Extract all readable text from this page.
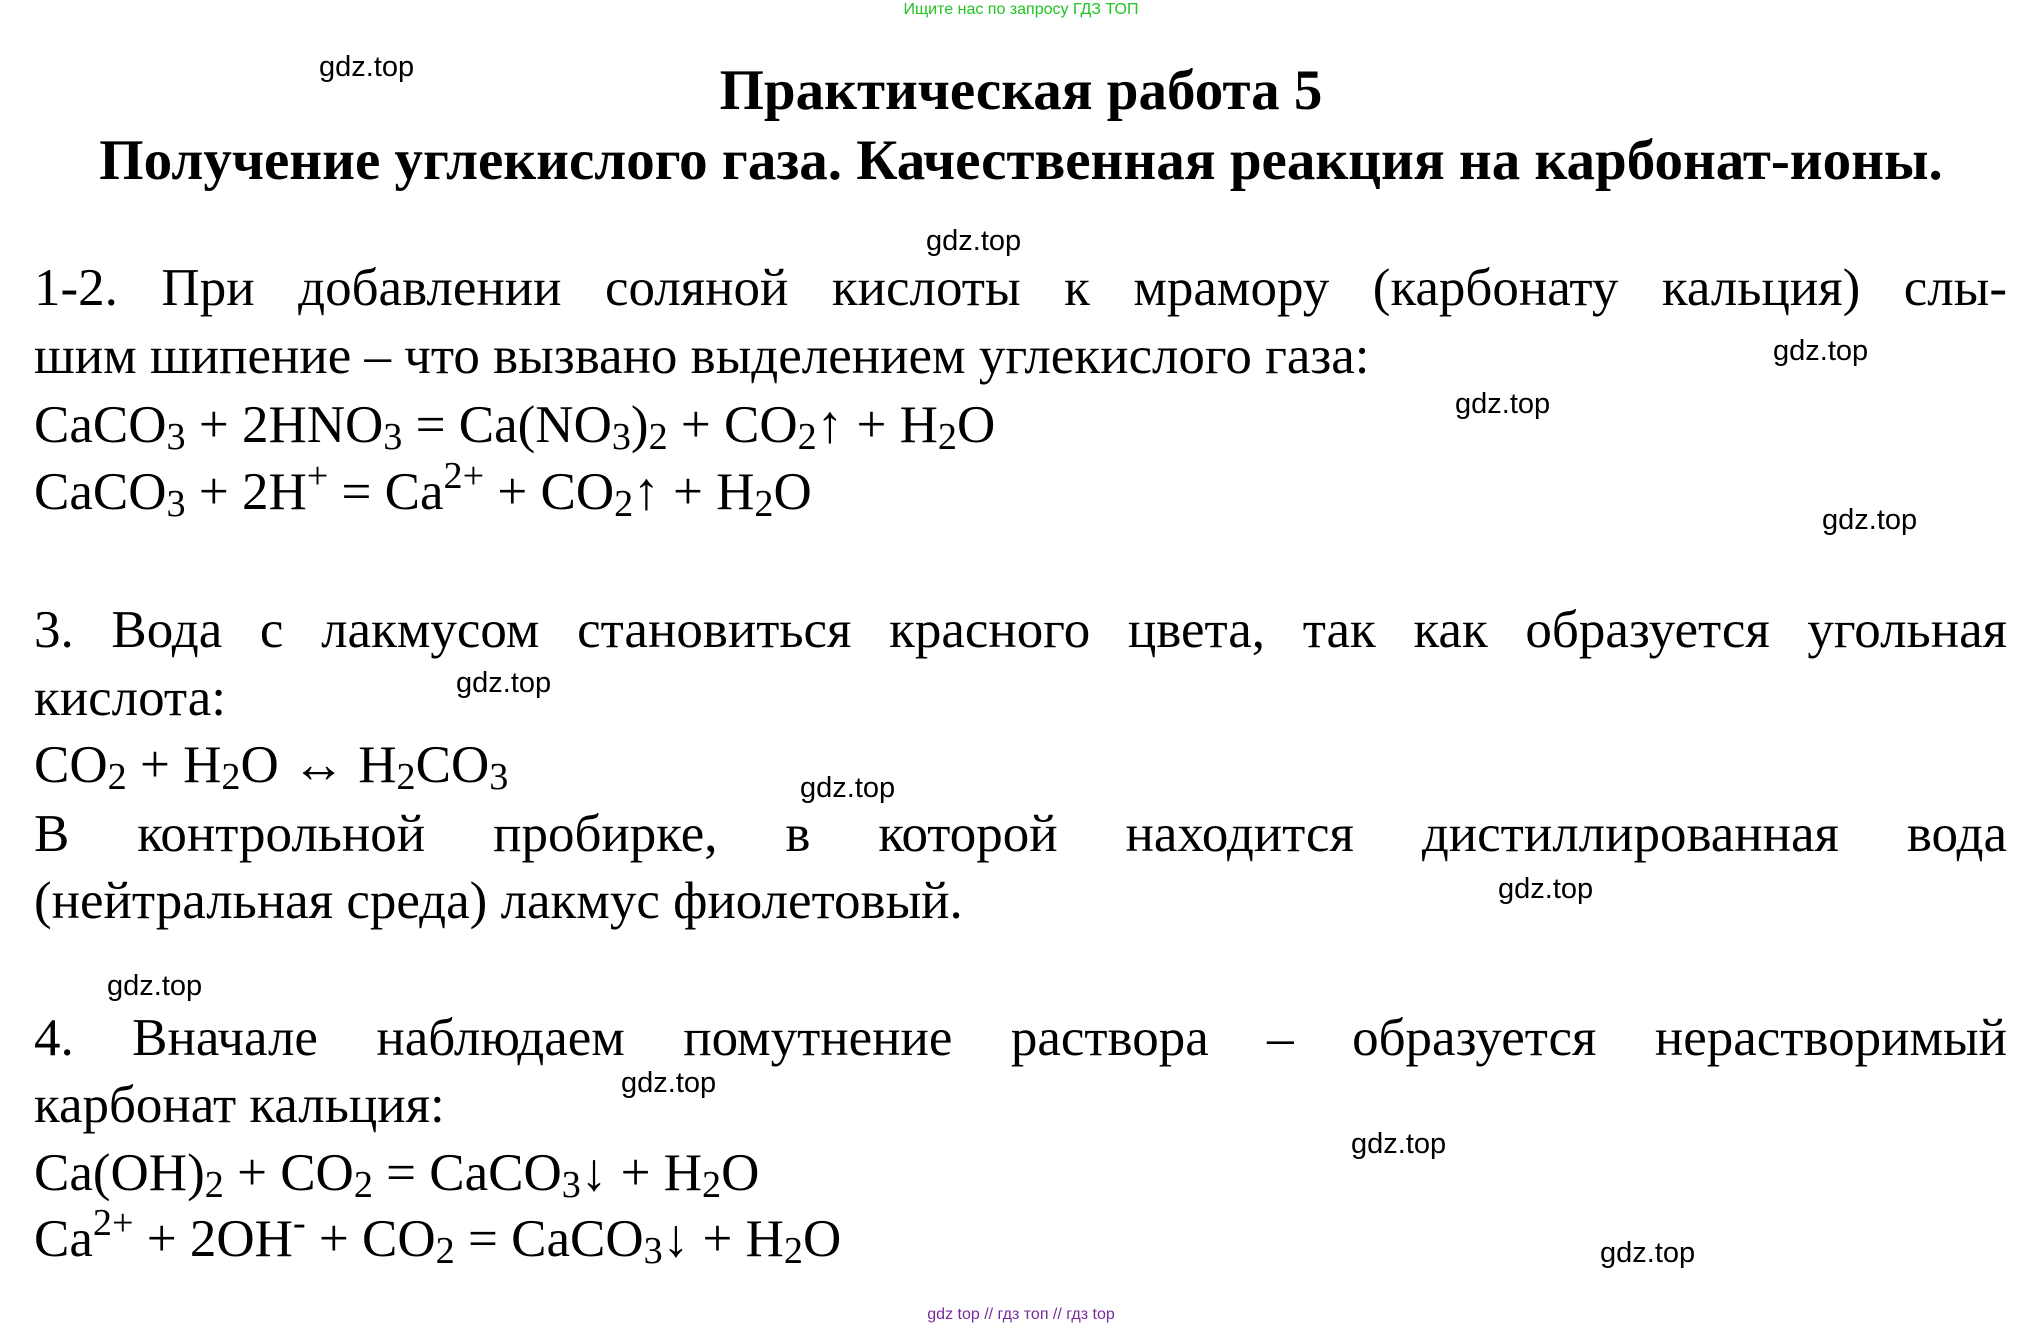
Ищите нас по запросу ГДЗ ТОП
Практическая работа 5
Получение углекислого газа. Качественная реакция на карбонат-ионы.
gdz.top
gdz.top
gdz.top
gdz.top
gdz.top
gdz.top
gdz.top
gdz.top
gdz.top
gdz.top
gdz.top
gdz.top
1-2. При добавлении соляной кислоты к мрамору (карбонату кальция) слы-
шим шипение – что вызвано выделением углекислого газа:
CaCO$_3$ + $2HNO_3 = Ca(NO_3)_2$ + $CO_2↑ + H_2O$
CaCO$_3$ + $2H^+ = Ca^{2+}$ + $CO_2↑ + H_2O$
3. Вода с лакмусом становиться красного цвета, так как образуется угольная
кислота:
$CO_2 + H_2O$ ↔ $H_2CO_3$
В контрольной пробирке, в которой находится дистиллированная вода
(нейтральная среда) лакмус фиолетовый.
4. Вначале наблюдаем помутнение раствора – образуется нерастворимый
карбонат кальция:
$Ca(OH)_2 + CO_2$ = CaCO$_3$↓ + $H_2O$
$Ca^{2+} + 2OH^- + CO_2$ = CaCO$_3$↓ + $H_2O$
gdz top // гдз топ // гдз top
